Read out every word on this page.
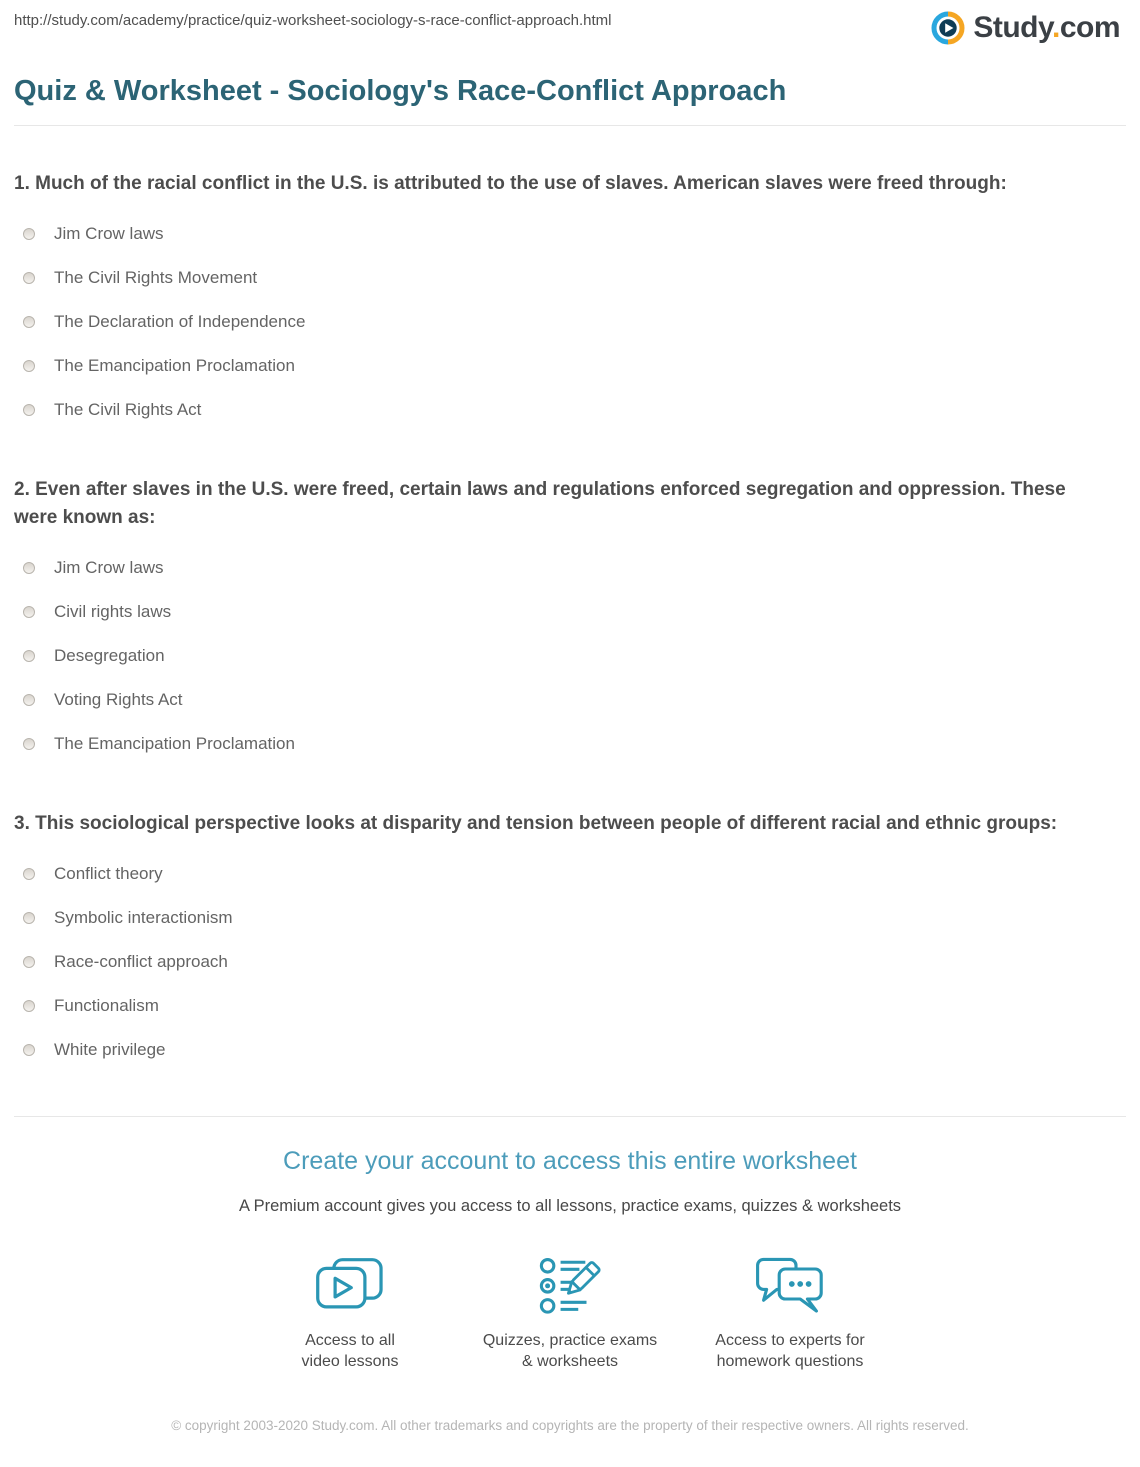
http://study.com/academy/practice/quiz-worksheet-sociology-s-race-conflict-approach.html	Study.com
Quiz & Worksheet - Sociology's Race-Conflict Approach
1. Much of the racial conflict in the U.S. is attributed to the use of slaves. American slaves were freed through:
Jim Crow laws
The Civil Rights Movement
The Declaration of Independence
The Emancipation Proclamation
The Civil Rights Act
2. Even after slaves in the U.S. were freed, certain laws and regulations enforced segregation and oppression. These were known as:
Jim Crow laws
Civil rights laws
Desegregation
Voting Rights Act
The Emancipation Proclamation
3. This sociological perspective looks at disparity and tension between people of different racial and ethnic groups:
Conflict theory
Symbolic interactionism
Race-conflict approach
Functionalism
White privilege
Create your account to access this entire worksheet
A Premium account gives you access to all lessons, practice exams, quizzes & worksheets
Access to all
video lessons
Quizzes, practice exams
& worksheets
Access to experts for
homework questions
© copyright 2003-2020 Study.com. All other trademarks and copyrights are the property of their respective owners. All rights reserved.
